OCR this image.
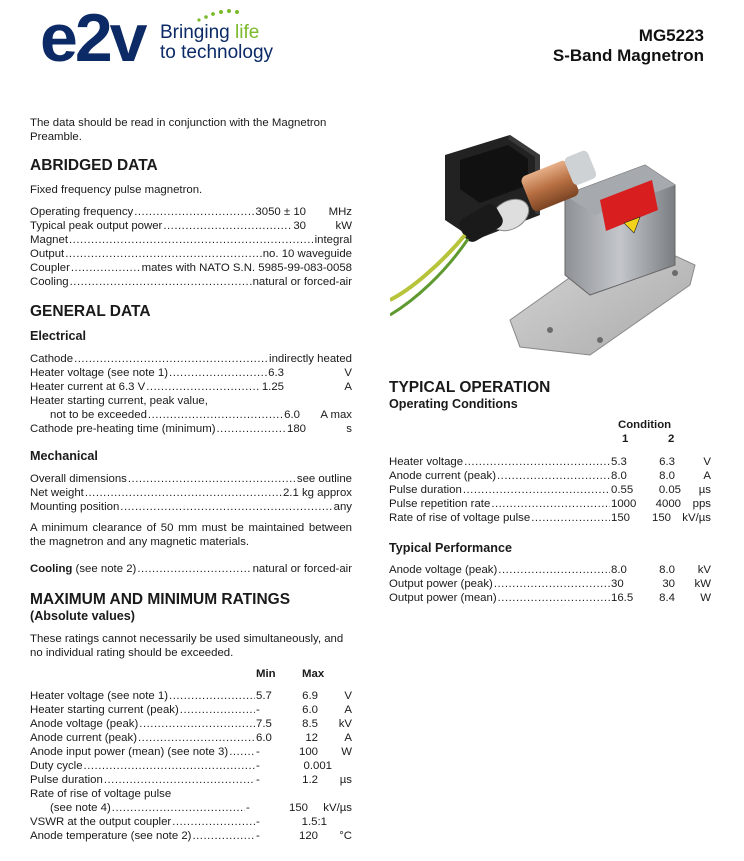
e2v Bringing life
to technology
MG5223
S-Band Magnetron
The data should be read in conjunction with the Magnetron Preamble.
ABRIDGED DATA
Fixed frequency pulse magnetron.
Operating frequency .....	3050 ± 10	MHz
Typical peak output power .....	30	kW
Magnet .....	integral
Output .....	no. 10 waveguide
Coupler .....	mates with NATO S.N. 5985-99-083-0058
Cooling .....	natural or forced-air
GENERAL DATA
Electrical
Cathode .....	indirectly heated
Heater voltage (see note 1) .....	6.3	V
Heater current at 6.3 V .....	1.25	A
Heater starting current, peak value,
not to be exceeded .....	6.0	A max
Cathode pre-heating time (minimum) .....	180	s
Mechanical
Overall dimensions .....	see outline
Net weight .....	2.1 kg approx
Mounting position .....	any
A minimum clearance of 50 mm must be maintained between the magnetron and any magnetic materials.
Cooling (see note 2) .....	natural or forced-air
MAXIMUM AND MINIMUM RATINGS
(Absolute values)
These ratings cannot necessarily be used simultaneously, and no individual rating should be exceeded.
Min Max
Heater voltage (see note 1) .....	5.7	6.9	V
Heater starting current (peak) .....	-	6.0	A
Anode voltage (peak) .....	7.5	8.5	kV
Anode current (peak) .....	6.0	12	A
Anode input power (mean) (see note 3) ..... -	100	W
Duty cycle .....	-	0.001
Pulse duration .....	-	1.2	µs
Rate of rise of voltage pulse
(see note 4) .....	-	150	kV/µs
VSWR at the output coupler .....	-	1.5:1
Anode temperature (see note 2) .....	-	120	°C
TYPICAL OPERATION
Operating Conditions
Condition
1	2
Heater voltage .....	5.3	6.3	V
Anode current (peak) .....	8.0	8.0	A
Pulse duration .....	0.55	0.05	µs
Pulse repetition rate .....	1000	4000	pps
Rate of rise of voltage pulse .....	150	150 kV/µs
Typical Performance
Anode voltage (peak) .....	8.0	8.0	kV
Output power (peak) .....	30	30	kW
Output power (mean) .....	16.5	8.4	W
